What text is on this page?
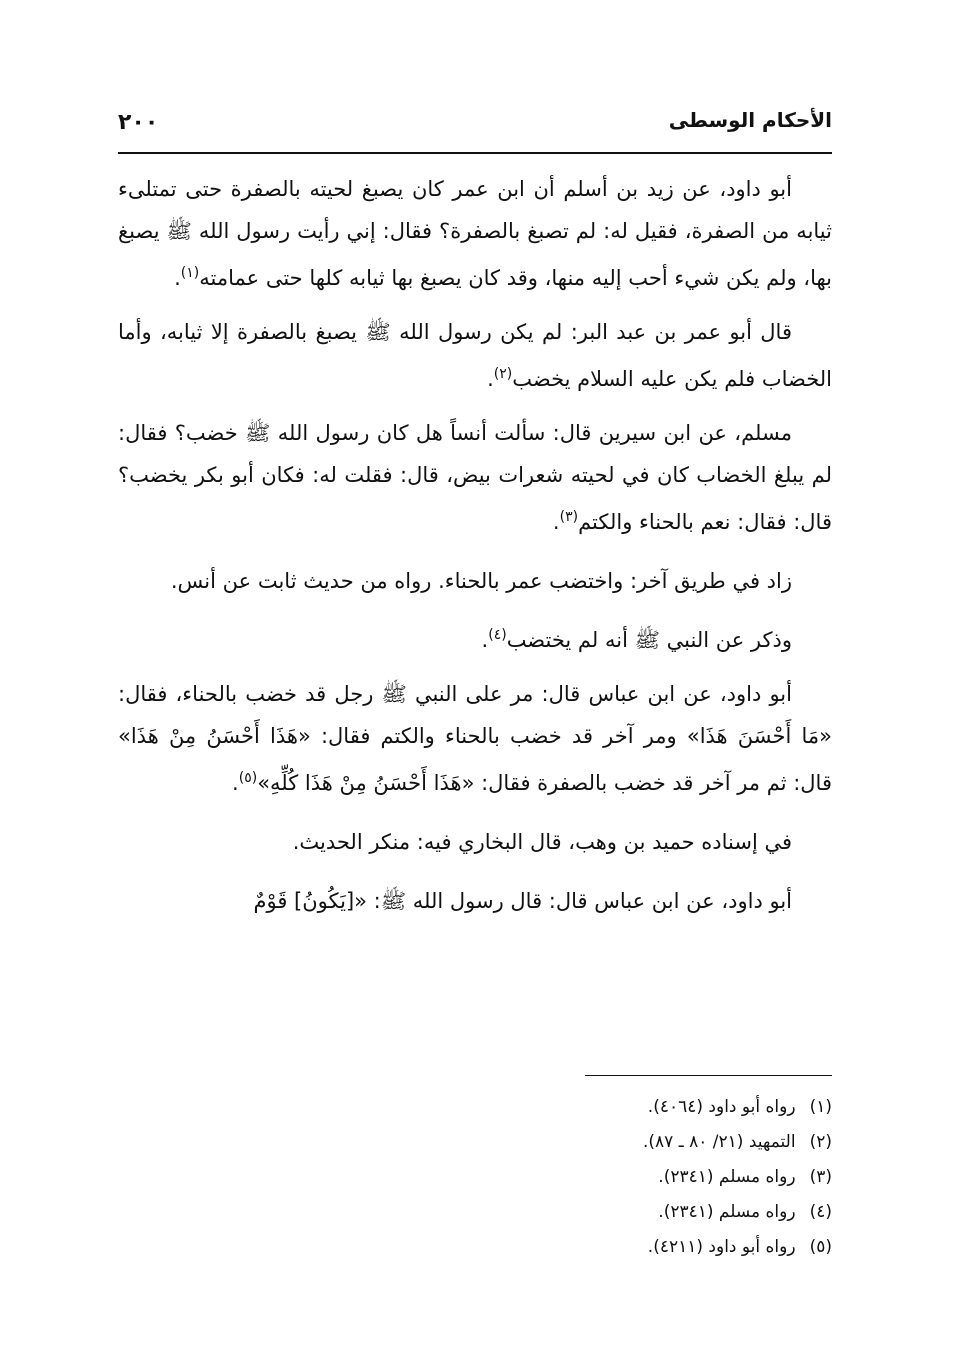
الأحكام الوسطى
٢٠٠

أبو داود، عن زيد بن أسلم أن ابن عمر كان يصبغ لحيته بالصفرة حتى تمتلىء ثيابه من الصفرة، فقيل له: لم تصبغ بالصفرة؟ فقال: إني رأيت رسول الله ﷺ يصبغ بها، ولم يكن شيء أحب إليه منها، وقد كان يصبغ بها ثيابه كلها حتى عمامته$^{(١)}$.

قال أبو عمر بن عبد البر: لم يكن رسول الله ﷺ يصبغ بالصفرة إلا ثيابه، وأما الخضاب فلم يكن عليه السلام يخضب$^{(٢)}$.

مسلم، عن ابن سيرين قال: سألت أنساً هل كان رسول الله ﷺ خضب؟ فقال: لم يبلغ الخضاب كان في لحيته شعرات بيض، قال: فقلت له: فكان أبو بكر يخضب؟ قال: فقال: نعم بالحناء والكتم$^{(٣)}$.

زاد في طريق آخر: واختضب عمر بالحناء. رواه من حديث ثابت عن أنس.

وذكر عن النبي ﷺ أنه لم يختضب$^{(٤)}$.

أبو داود، عن ابن عباس قال: مر على النبي ﷺ رجل قد خضب بالحناء، فقال: «مَا أَحْسَنَ هَذَا» ومر آخر قد خضب بالحناء والكتم فقال: «هَذَا أَحْسَنُ مِنْ هَذَا» قال: ثم مر آخر قد خضب بالصفرة فقال: «هَذَا أَحْسَنُ مِنْ هَذَا كُلِّهِ»$^{(٥)}$.

في إسناده حميد بن وهب، قال البخاري فيه: منكر الحديث.

أبو داود، عن ابن عباس قال: قال رسول الله ﷺ: «[يَكُونُ] قَوْمٌ

(١)رواه أبو داود (٤٠٦٤).
(٢)التمهيد (٢١/ ٨٠ ـ ٨٧).
(٣)رواه مسلم (٢٣٤١).
(٤)رواه مسلم (٢٣٤١).
(٥)رواه أبو داود (٤٢١١).
